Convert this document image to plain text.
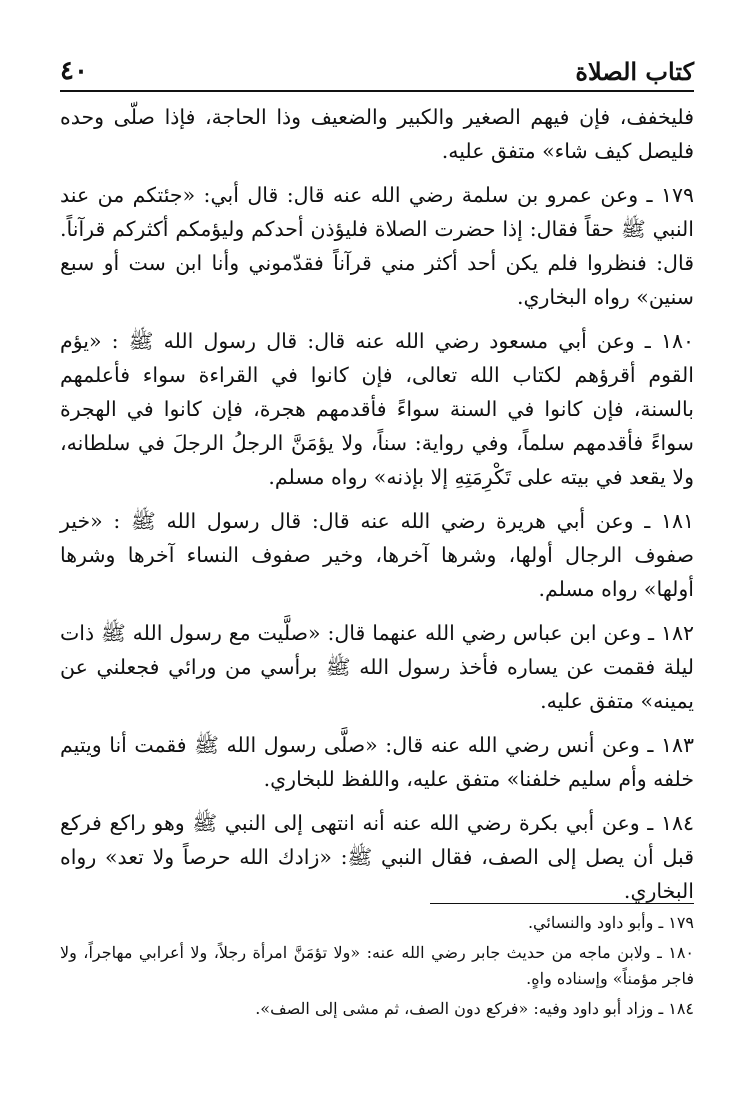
كتاب الصلاة
٤٠

فليخفف، فإن فيهم الصغير والكبير والضعيف وذا الحاجة، فإذا صلّى وحده فليصل كيف شاء» متفق عليه.

١٧٩ ـ وعن عمرو بن سلمة رضي الله عنه قال: قال أبي: «جئتكم من عند النبي ﷺ حقاً فقال: إذا حضرت الصلاة فليؤذن أحدكم وليؤمكم أكثركم قرآناً. قال: فنظروا فلم يكن أحد أكثر مني قرآناً فقدّموني وأنا ابن ست أو سبع سنين» رواه البخاري.

١٨٠ ـ وعن أبي مسعود رضي الله عنه قال: قال رسول الله ﷺ : «يؤم القوم أقرؤهم لكتاب الله تعالى، فإن كانوا في القراءة سواء فأعلمهم بالسنة، فإن كانوا في السنة سواءً فأقدمهم هجرة، فإن كانوا في الهجرة سواءً فأقدمهم سلماً، وفي رواية: سناً، ولا يؤمَنَّ الرجلُ الرجلَ في سلطانه، ولا يقعد في بيته على تَكْرِمَتِهِ إلا بإذنه» رواه مسلم.

١٨١ ـ وعن أبي هريرة رضي الله عنه قال: قال رسول الله ﷺ : «خير صفوف الرجال أولها، وشرها آخرها، وخير صفوف النساء آخرها وشرها أولها» رواه مسلم.

١٨٢ ـ وعن ابن عباس رضي الله عنهما قال: «صلَّيت مع رسول الله ﷺ ذات ليلة فقمت عن يساره فأخذ رسول الله ﷺ برأسي من ورائي فجعلني عن يمينه» متفق عليه.

١٨٣ ـ وعن أنس رضي الله عنه قال: «صلَّى رسول الله ﷺ فقمت أنا ويتيم خلفه وأم سليم خلفنا» متفق عليه، واللفظ للبخاري.

١٨٤ ـ وعن أبي بكرة رضي الله عنه أنه انتهى إلى النبي ﷺ وهو راكع فركع قبل أن يصل إلى الصف، فقال النبي ﷺ: «زادك الله حرصاً ولا تعد» رواه البخاري.

١٧٩ ـ وأبو داود والنسائي.

١٨٠ ـ ولابن ماجه من حديث جابر رضي الله عنه: «ولا تؤمَنَّ امرأة رجلاً، ولا أعرابي مهاجراً، ولا فاجر مؤمناً» وإسناده واهٍ.

١٨٤ ـ وزاد أبو داود وفيه: «فركع دون الصف، ثم مشى إلى الصف».
